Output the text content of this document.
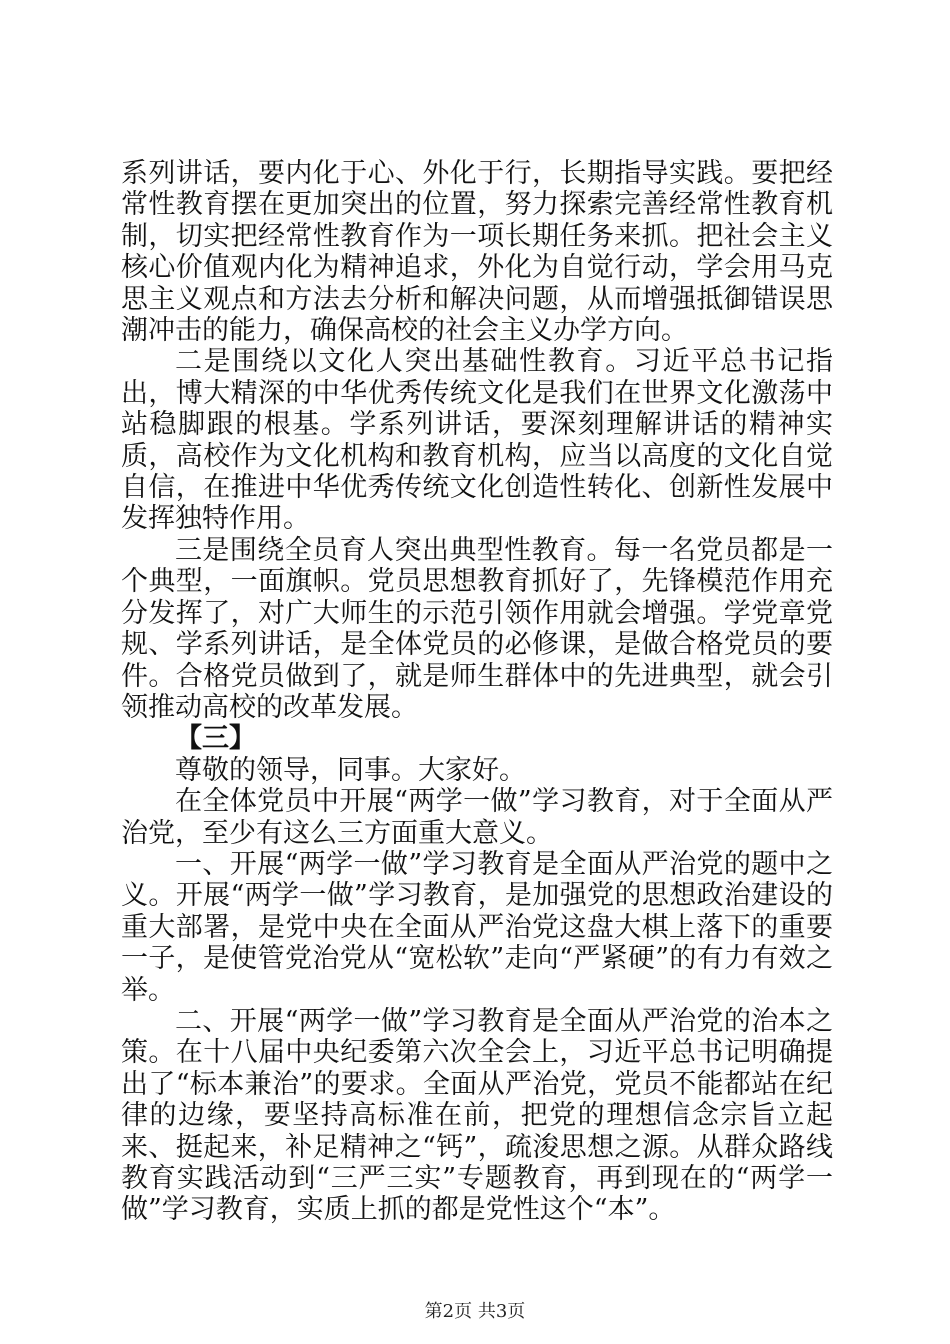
系列讲话，要内化于心、外化于行，长期指导实践。要把经常性教育摆在更加突出的位置，努力探索完善经常性教育机制，切实把经常性教育作为一项长期任务来抓。把社会主义核心价值观内化为精神追求，外化为自觉行动，学会用马克思主义观点和方法去分析和解决问题，从而增强抵御错误思潮冲击的能力，确保高校的社会主义办学方向。

二是围绕以文化人突出基础性教育。习近平总书记指出，博大精深的中华优秀传统文化是我们在世界文化激荡中站稳脚跟的根基。学系列讲话，要深刻理解讲话的精神实质，高校作为文化机构和教育机构，应当以高度的文化自觉自信，在推进中华优秀传统文化创造性转化、创新性发展中发挥独特作用。

三是围绕全员育人突出典型性教育。每一名党员都是一个典型，一面旗帜。党员思想教育抓好了，先锋模范作用充分发挥了，对广大师生的示范引领作用就会增强。学党章党规、学系列讲话，是全体党员的必修课，是做合格党员的要件。合格党员做到了，就是师生群体中的先进典型，就会引领推动高校的改革发展。

【三】

尊敬的领导，同事。大家好。

在全体党员中开展“两学一做”学习教育，对于全面从严治党，至少有这么三方面重大意义。

一、开展“两学一做”学习教育是全面从严治党的题中之义。开展“两学一做”学习教育，是加强党的思想政治建设的重大部署，是党中央在全面从严治党这盘大棋上落下的重要一子，是使管党治党从“宽松软”走向“严紧硬”的有力有效之举。

二、开展“两学一做”学习教育是全面从严治党的治本之策。在十八届中央纪委第六次全会上，习近平总书记明确提出了“标本兼治”的要求。全面从严治党，党员不能都站在纪律的边缘，要坚持高标准在前，把党的理想信念宗旨立起来、挺起来，补足精神之“钙”，疏浚思想之源。从群众路线教育实践活动到“三严三实”专题教育，再到现在的“两学一做”学习教育，实质上抓的都是党性这个“本”。

第2页 共3页
